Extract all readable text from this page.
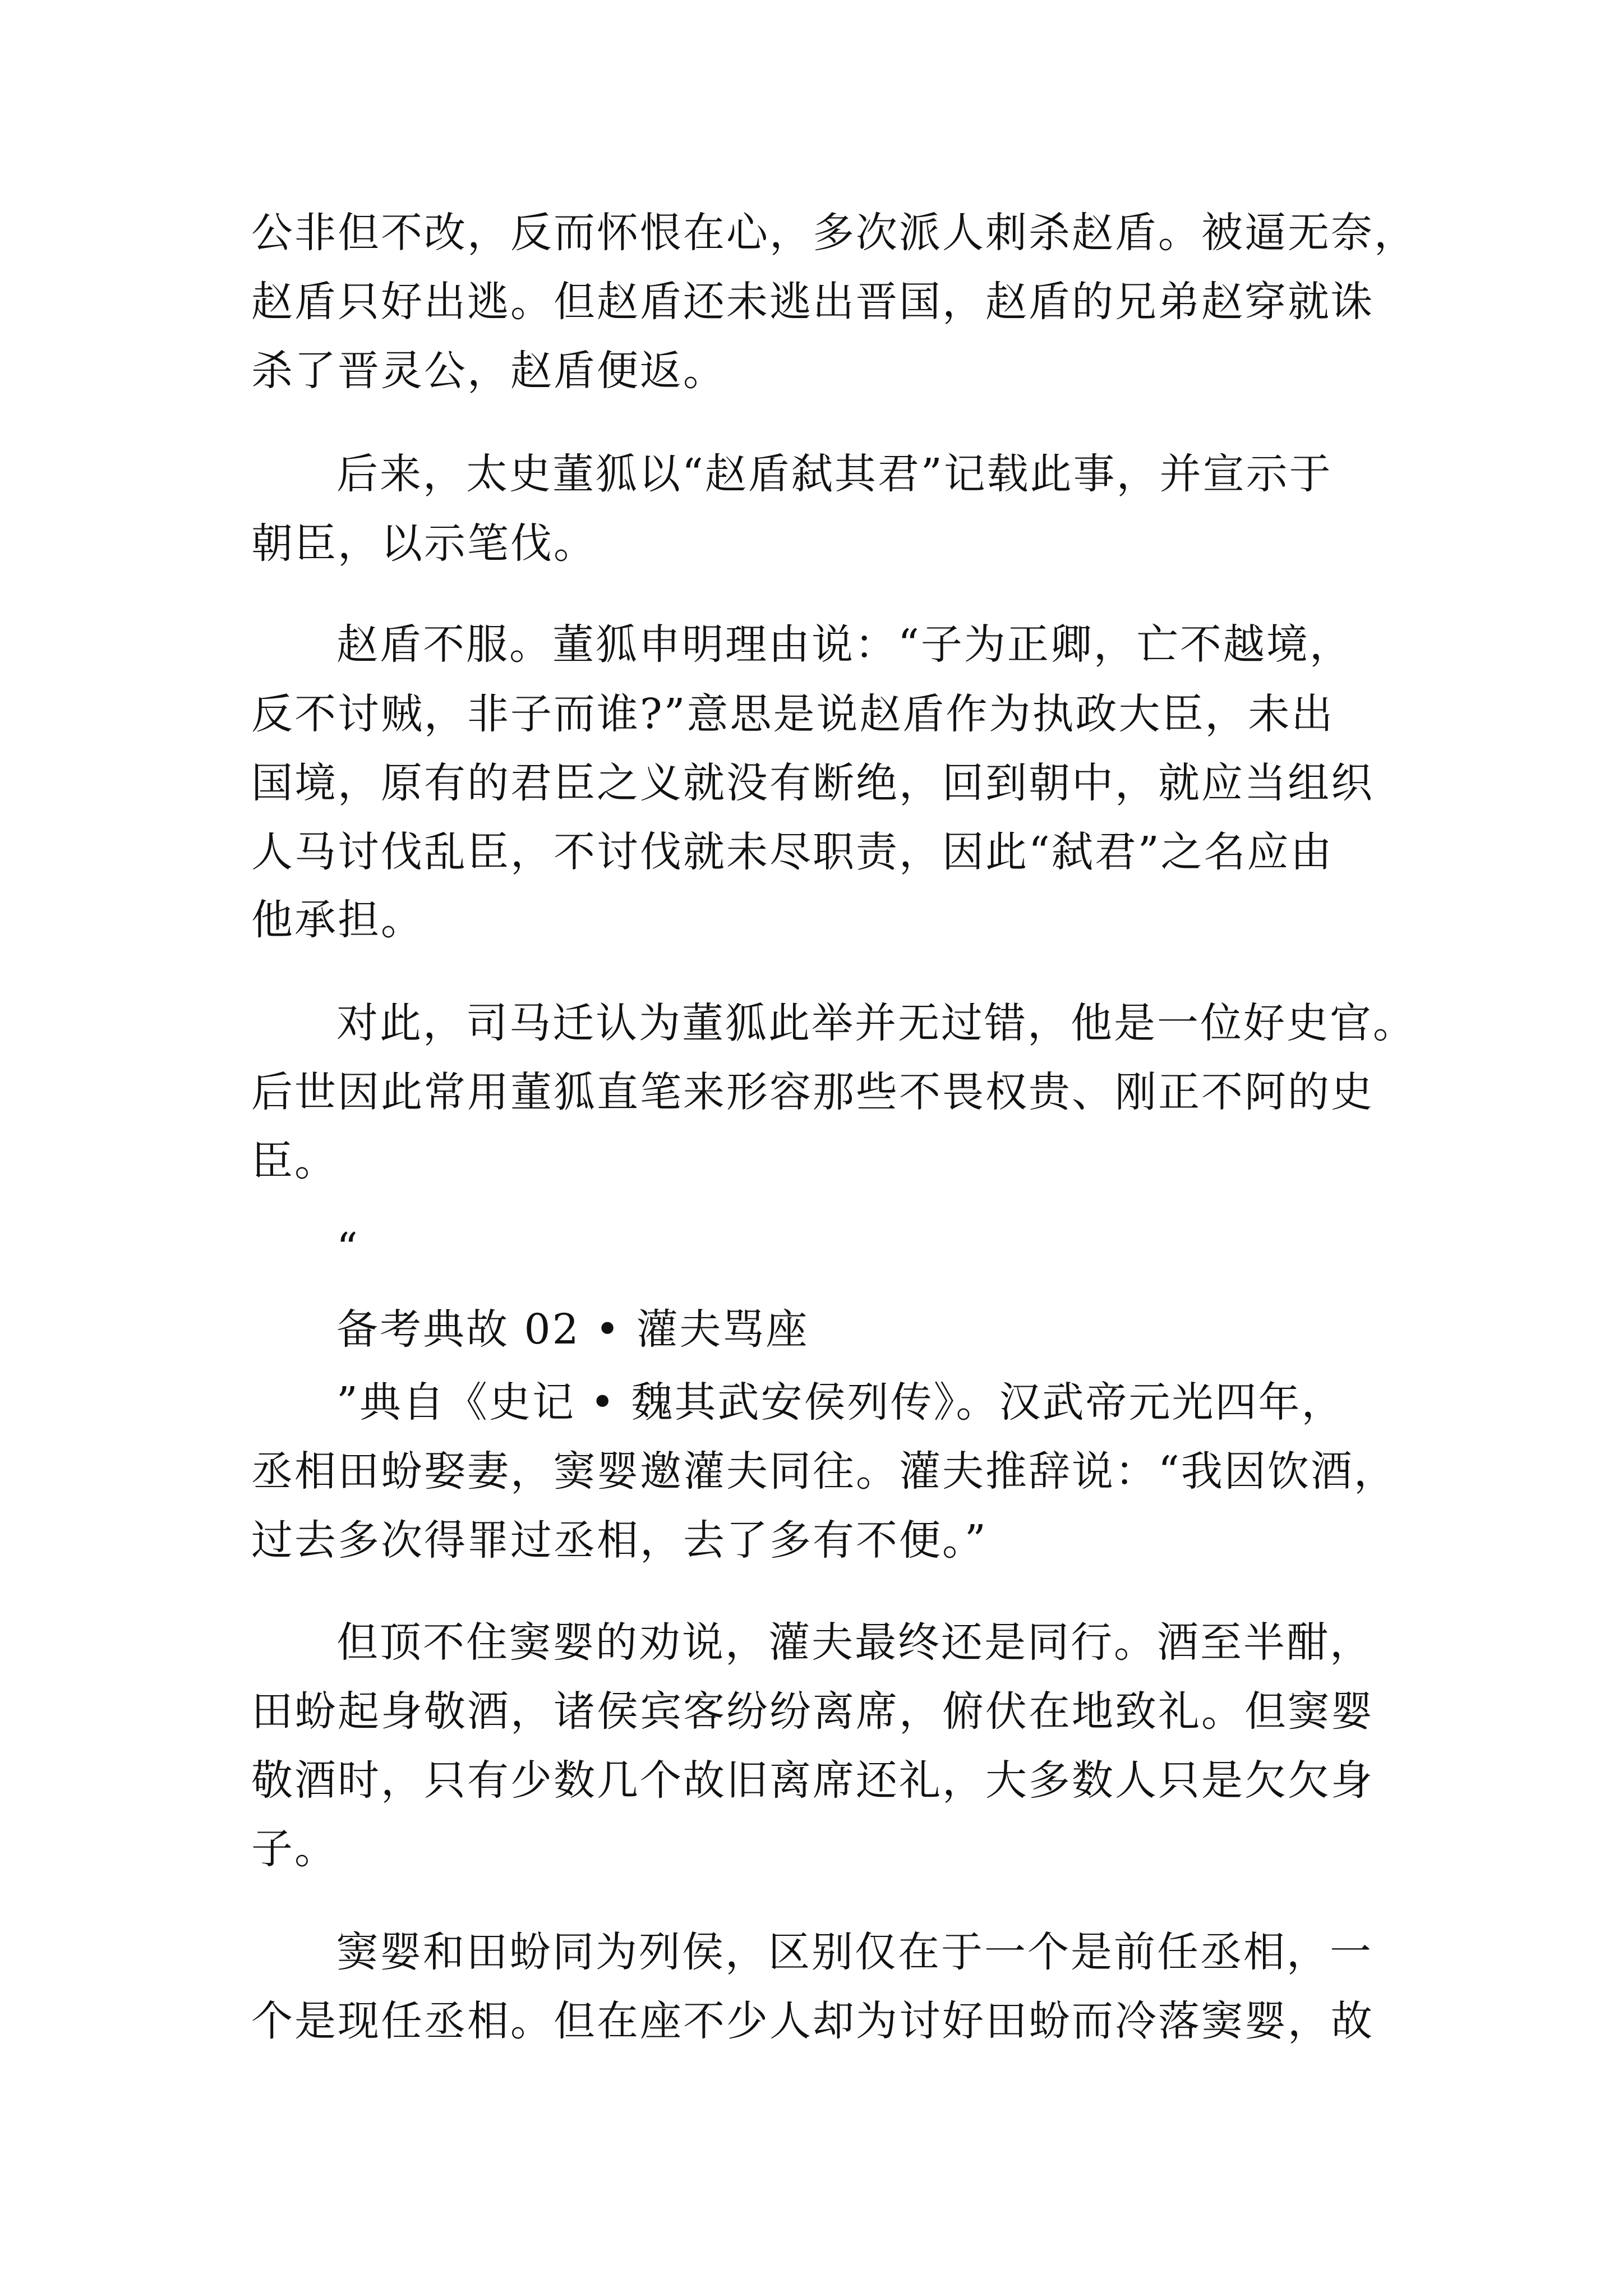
公非但不改，反而怀恨在心，多次派人刺杀赵盾。被逼无奈，
赵盾只好出逃。但赵盾还未逃出晋国，赵盾的兄弟赵穿就诛
杀了晋灵公，赵盾便返。
后来，太史董狐以“赵盾弑其君”记载此事，并宣示于
朝臣，以示笔伐。
赵盾不服。董狐申明理由说：“子为正卿，亡不越境，
反不讨贼，非子而谁?”意思是说赵盾作为执政大臣，未出
国境，原有的君臣之义就没有断绝，回到朝中，就应当组织
人马讨伐乱臣，不讨伐就未尽职责，因此“弑君”之名应由
他承担。
对此，司马迁认为董狐此举并无过错，他是一位好史官。
后世因此常用董狐直笔来形容那些不畏权贵、刚正不阿的史
臣。
“
备考典故 02 • 灌夫骂座
”典自《史记 • 魏其武安侯列传》。汉武帝元光四年，
丞相田蚡娶妻，窦婴邀灌夫同往。灌夫推辞说：“我因饮酒，
过去多次得罪过丞相，去了多有不便。”
但顶不住窦婴的劝说，灌夫最终还是同行。酒至半酣，
田蚡起身敬酒，诸侯宾客纷纷离席，俯伏在地致礼。但窦婴
敬酒时，只有少数几个故旧离席还礼，大多数人只是欠欠身
子。
窦婴和田蚡同为列侯，区别仅在于一个是前任丞相，一
个是现任丞相。但在座不少人却为讨好田蚡而冷落窦婴，故
